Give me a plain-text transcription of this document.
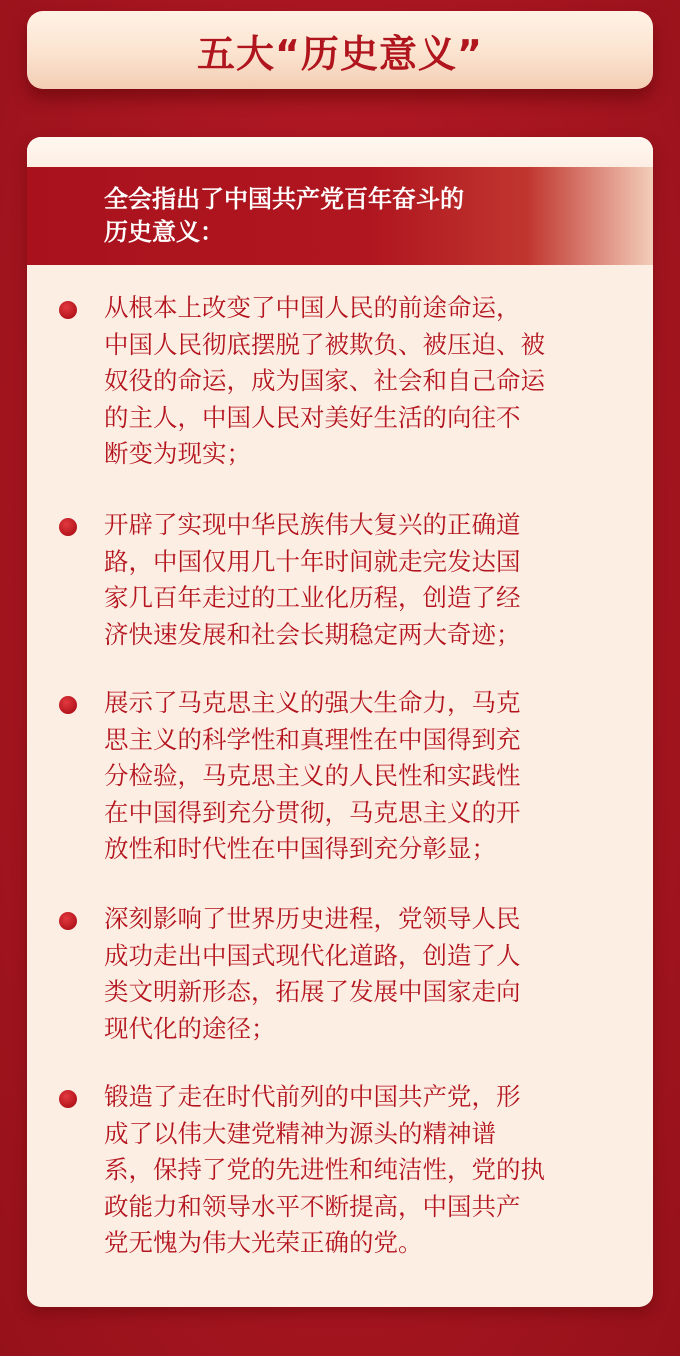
五大“历史意义”
全会指出了中国共产党百年奋斗的
历史意义：
从根本上改变了中国人民的前途命运，
中国人民彻底摆脱了被欺负、被压迫、被
奴役的命运，成为国家、社会和自己命运
的主人，中国人民对美好生活的向往不
断变为现实；
开辟了实现中华民族伟大复兴的正确道
路，中国仅用几十年时间就走完发达国
家几百年走过的工业化历程，创造了经
济快速发展和社会长期稳定两大奇迹；
展示了马克思主义的强大生命力，马克
思主义的科学性和真理性在中国得到充
分检验，马克思主义的人民性和实践性
在中国得到充分贯彻，马克思主义的开
放性和时代性在中国得到充分彰显；
深刻影响了世界历史进程，党领导人民
成功走出中国式现代化道路，创造了人
类文明新形态，拓展了发展中国家走向
现代化的途径；
锻造了走在时代前列的中国共产党，形
成了以伟大建党精神为源头的精神谱
系，保持了党的先进性和纯洁性，党的执
政能力和领导水平不断提高，中国共产
党无愧为伟大光荣正确的党。
